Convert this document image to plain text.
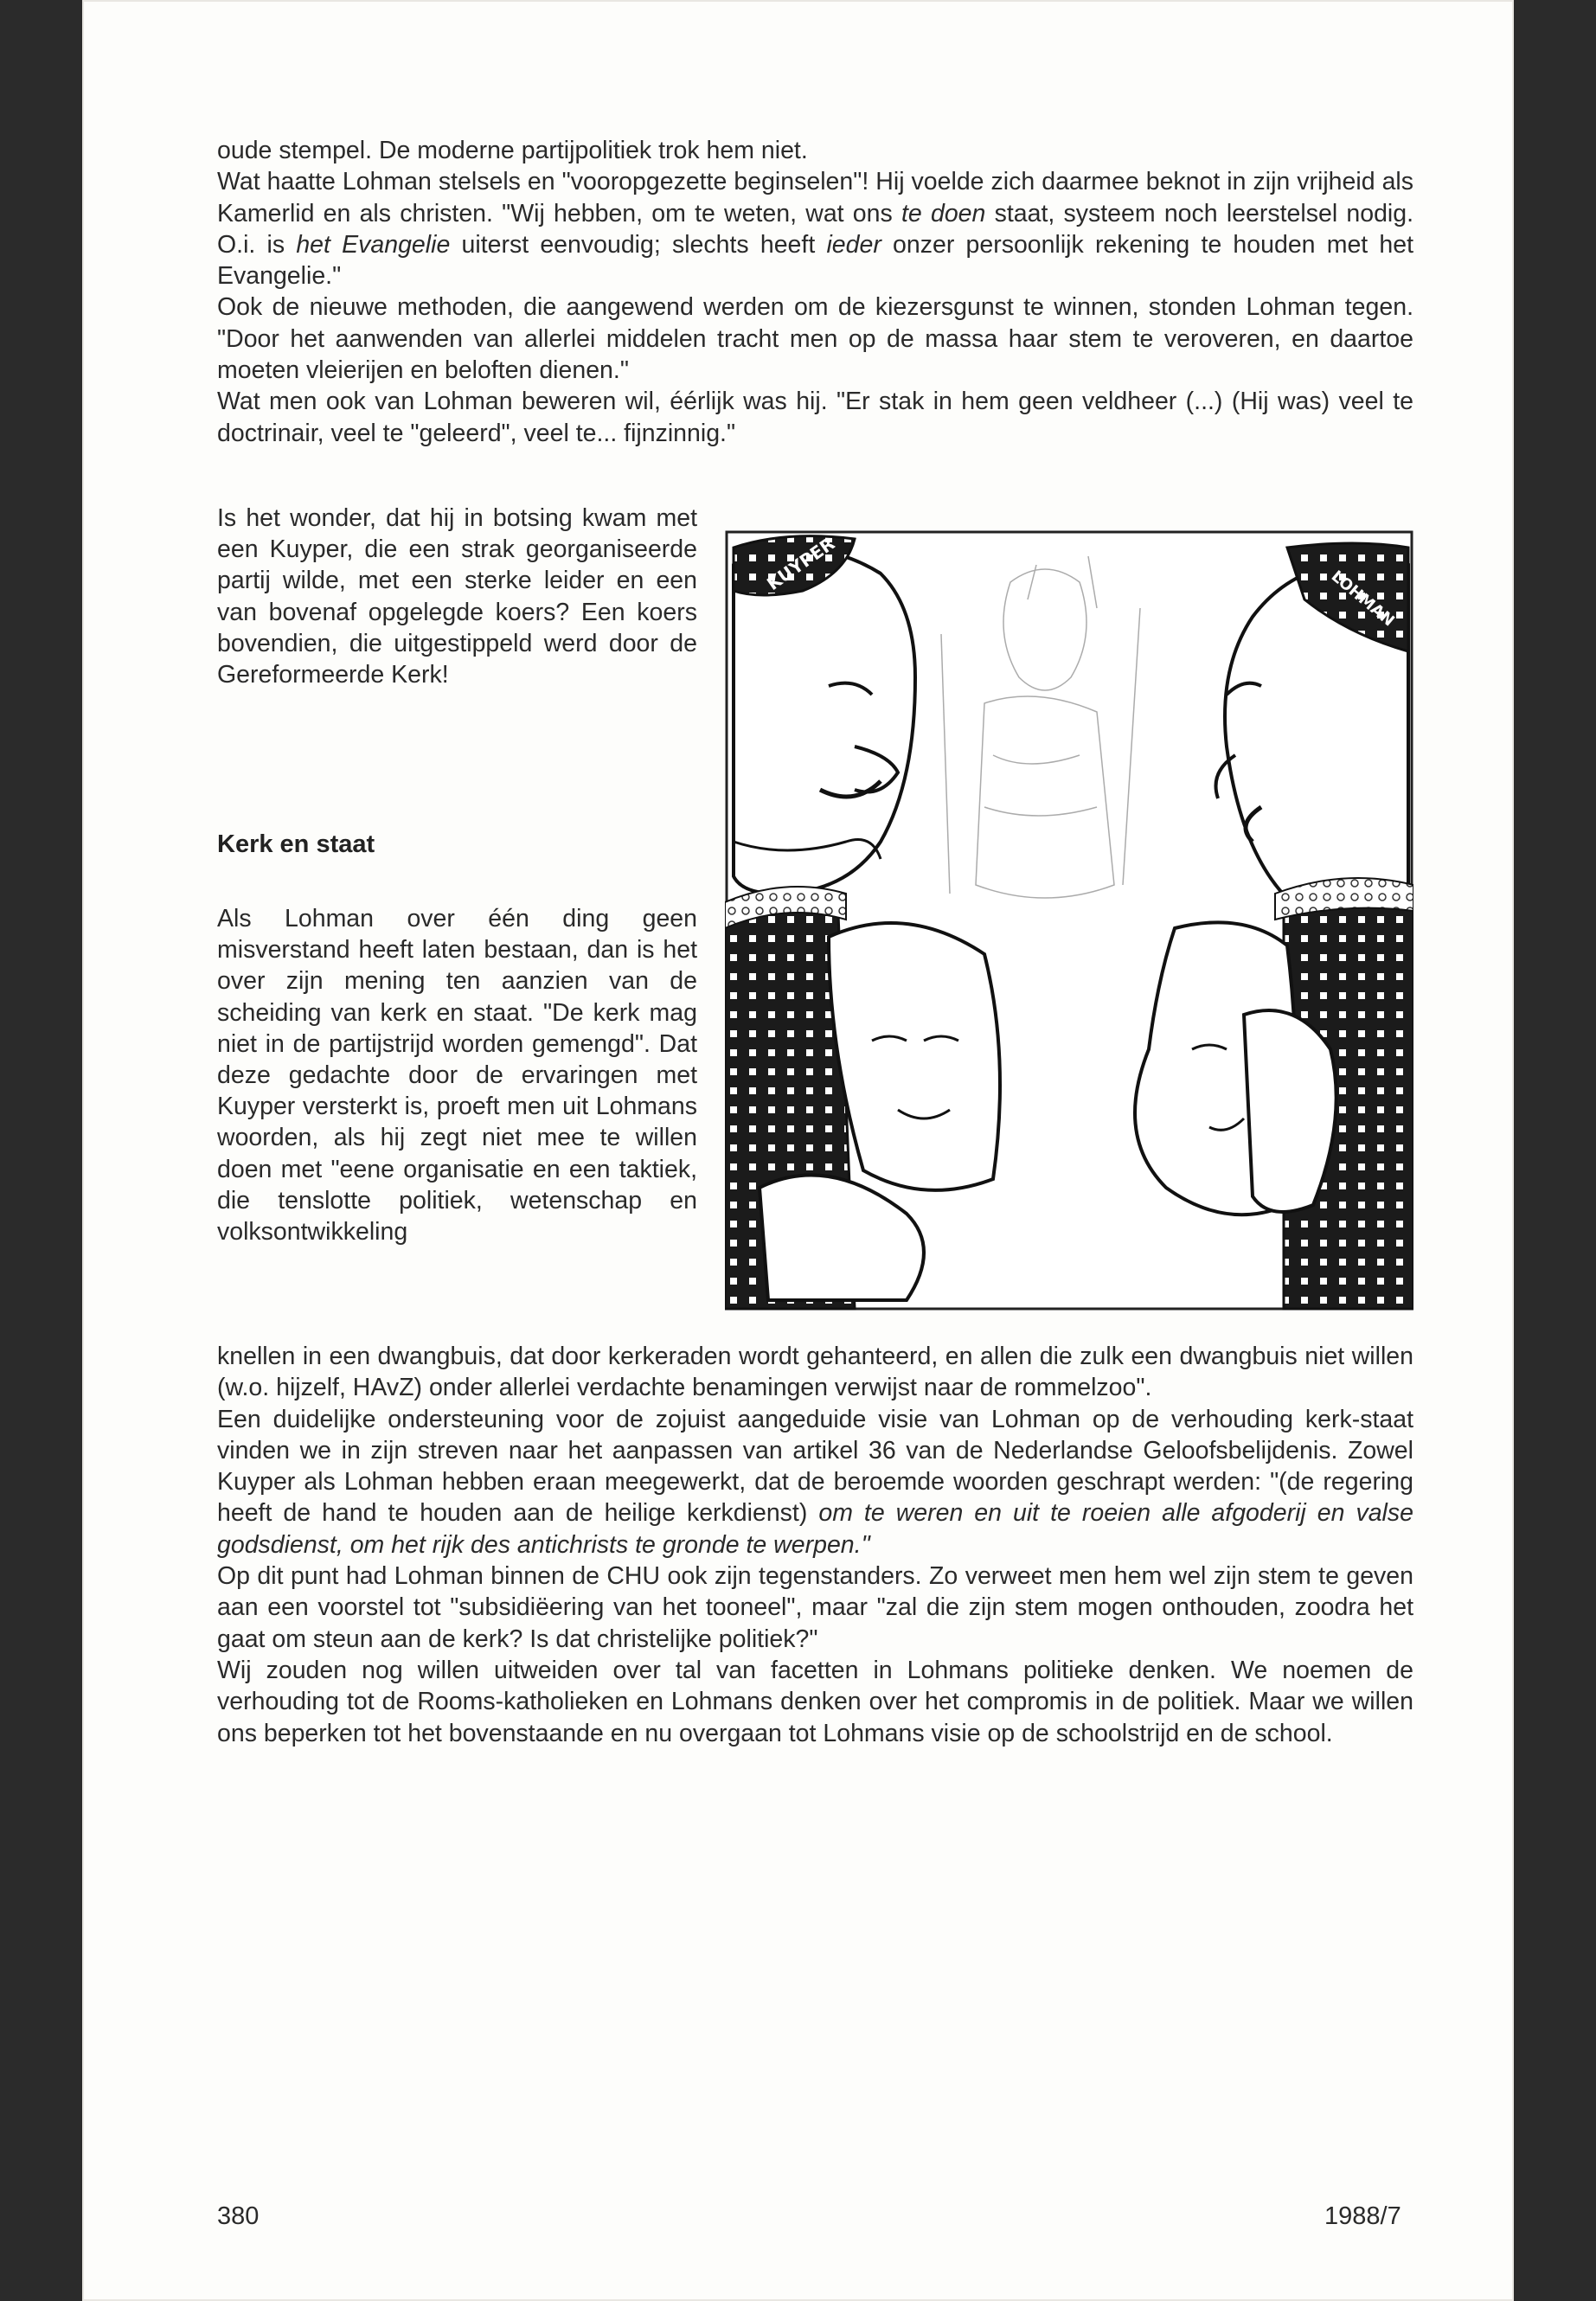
oude stempel. De moderne partijpolitiek trok hem niet.

Wat haatte Lohman stelsels en "vooropgezette beginselen"! Hij voelde zich daarmee beknot in zijn vrijheid als Kamerlid en als christen. "Wij hebben, om te weten, wat ons te doen staat, systeem noch leerstelsel nodig. O.i. is het Evangelie uiterst eenvoudig; slechts heeft ieder onzer persoonlijk rekening te houden met het Evangelie."

Ook de nieuwe methoden, die aangewend werden om de kiezersgunst te winnen, stonden Lohman tegen. "Door het aanwenden van allerlei middelen tracht men op de massa haar stem te veroveren, en daartoe moeten vleierijen en beloften dienen."

Wat men ook van Lohman beweren wil, éérlijk was hij. "Er stak in hem geen veldheer (...) (Hij was) veel te doctrinair, veel te "geleerd", veel te... fijnzinnig."

Is het wonder, dat hij in botsing kwam met een Kuyper, die een strak georganiseerde partij wilde, met een sterke leider en een van bovenaf opgelegde koers? Een koers bovendien, die uitgestippeld werd door de Gereformeerde Kerk!

Kerk en staat

Als Lohman over één ding geen misverstand heeft laten bestaan, dan is het over zijn mening ten aanzien van de scheiding van kerk en staat. "De kerk mag niet in de partijstrijd worden gemengd". Dat deze gedachte door de ervaringen met Kuyper versterkt is, proeft men uit Lohmans woorden, als hij zegt niet mee te willen doen met "eene organisatie en een taktiek, die tenslotte politiek, wetenschap en volksontwikkeling

KUYPER
LOHMAN

knellen in een dwangbuis, dat door kerkeraden wordt gehanteerd, en allen die zulk een dwangbuis niet willen (w.o. hijzelf, HAvZ) onder allerlei verdachte benamingen verwijst naar de rommelzoo".

Een duidelijke ondersteuning voor de zojuist aangeduide visie van Lohman op de verhouding kerk-staat vinden we in zijn streven naar het aanpassen van artikel 36 van de Nederlandse Geloofsbelijdenis. Zowel Kuyper als Lohman hebben eraan meegewerkt, dat de beroemde woorden geschrapt werden: "(de regering heeft de hand te houden aan de heilige kerkdienst) om te weren en uit te roeien alle afgoderij en valse godsdienst, om het rijk des antichrists te gronde te werpen."

Op dit punt had Lohman binnen de CHU ook zijn tegenstanders. Zo verweet men hem wel zijn stem te geven aan een voorstel tot "subsidiëering van het tooneel", maar "zal die zijn stem mogen onthouden, zoodra het gaat om steun aan de kerk? Is dat christelijke politiek?"

Wij zouden nog willen uitweiden over tal van facetten in Lohmans politieke denken. We noemen de verhouding tot de Rooms-katholieken en Lohmans denken over het compromis in de politiek. Maar we willen ons beperken tot het bovenstaande en nu overgaan tot Lohmans visie op de schoolstrijd en de school.

380	1988/7
